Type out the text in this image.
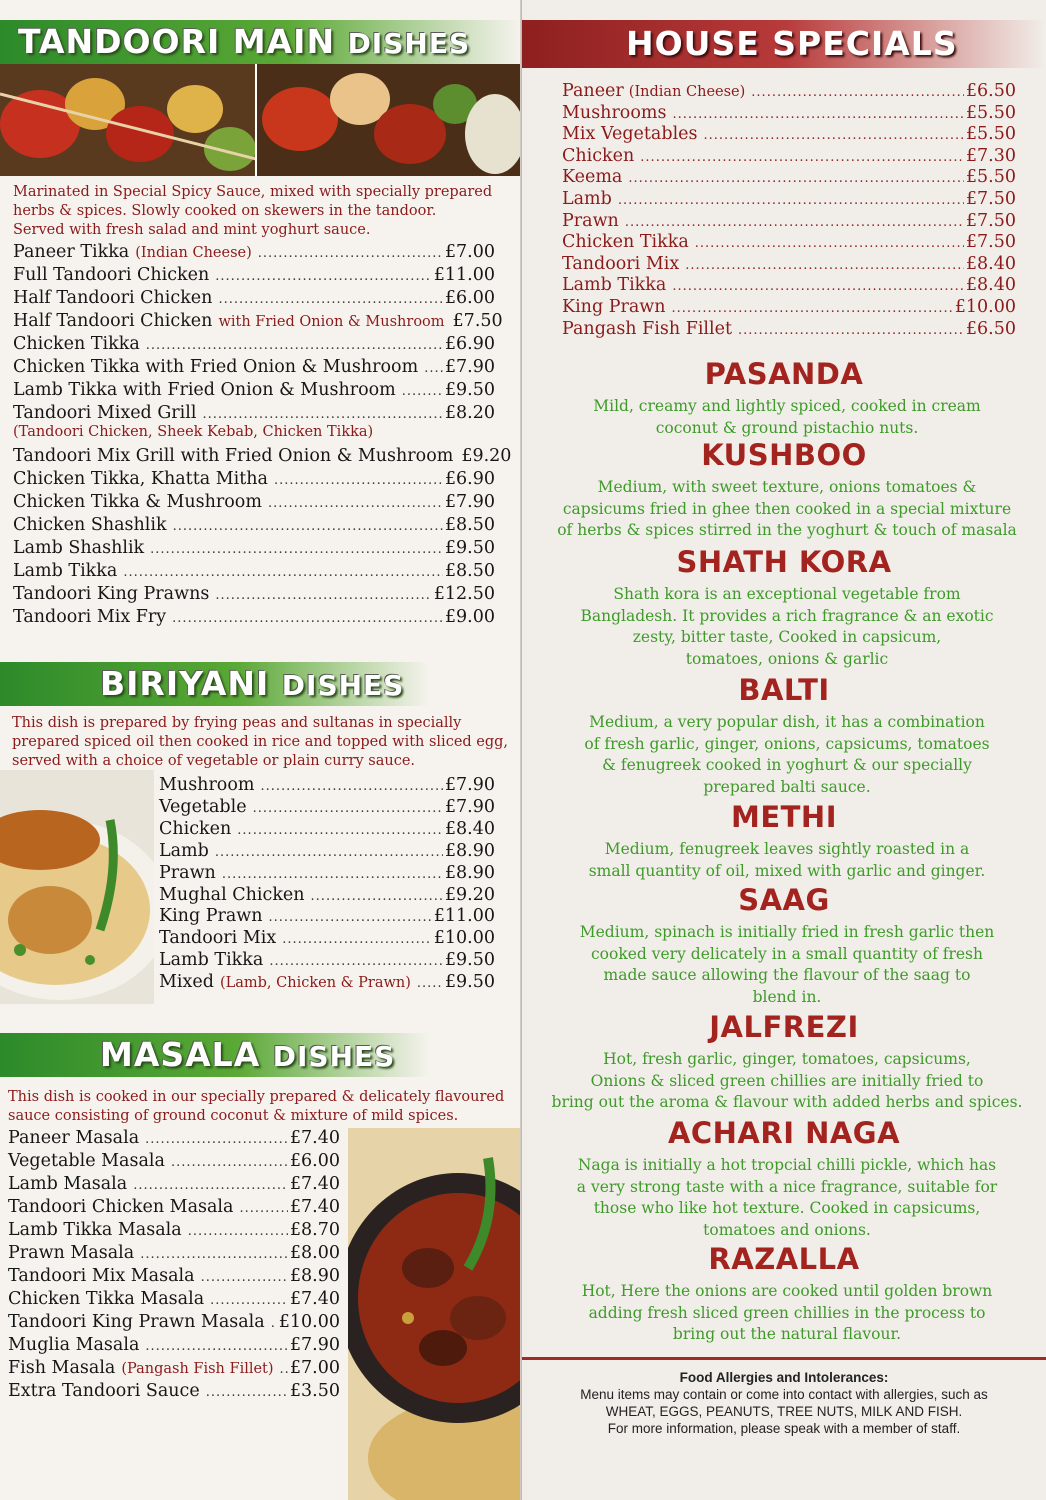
TANDOORI MAIN DISHES
Marinated in Special Spicy Sauce, mixed with specially prepared
herbs & spices. Slowly cooked on skewers in the tandoor.
Served with fresh salad and mint yoghurt sauce.
Paneer Tikka (Indian Cheese) .....	£7.00
Full Tandoori Chicken .....	£11.00
Half Tandoori Chicken .....	£6.00
Half Tandoori Chicken with Fried Onion & Mushroom £7.50
Chicken Tikka .....	£6.90
Chicken Tikka with Fried Onion & Mushroom ..... £7.90
Lamb Tikka with Fried Onion & Mushroom .....	£9.50
Tandoori Mixed Grill .....	£8.20
(Tandoori Chicken, Sheek Kebab, Chicken Tikka)
Tandoori Mix Grill with Fried Onion & Mushroom £9.20
Chicken Tikka, Khatta Mitha .....	£6.90
Chicken Tikka & Mushroom .....	£7.90
Chicken Shashlik .....	£8.50
Lamb Shashlik .....	£9.50
Lamb Tikka .....	£8.50
Tandoori King Prawns .....	£12.50
Tandoori Mix Fry .....	£9.00
BIRIYANI DISHES
This dish is prepared by frying peas and sultanas in specially
prepared spiced oil then cooked in rice and topped with sliced egg,
served with a choice of vegetable or plain curry sauce.
Mushroom .....	£7.90
Vegetable .....	£7.90
Chicken .....	£8.40
Lamb .....	£8.90
Prawn .....	£8.90
Mughal Chicken .....	£9.20
King Prawn .....	£11.00
Tandoori Mix .....	£10.00
Lamb Tikka .....	£9.50
Mixed (Lamb, Chicken & Prawn) ..... £9.50
MASALA DISHES
This dish is cooked in our specially prepared & delicately flavoured
sauce consisting of ground coconut & mixture of mild spices.
Paneer Masala .....	£7.40
Vegetable Masala .....	£6.00
Lamb Masala .....	£7.40
Tandoori Chicken Masala .....	£7.40
Lamb Tikka Masala .....	£8.70
Prawn Masala .....	£8.00
Tandoori Mix Masala .....	£8.90
Chicken Tikka Masala .....	£7.40
Tandoori King Prawn Masala ..... £10.00
Muglia Masala .....	£7.90
Fish Masala (Pangash Fish Fillet) ..... £7.00
Extra Tandoori Sauce .....	£3.50
HOUSE SPECIALS
Paneer (Indian Cheese) .....	£6.50
Mushrooms .....	£5.50
Mix Vegetables .....	£5.50
Chicken .....	£7.30
Keema .....	£5.50
Lamb .....	£7.50
Prawn .....	£7.50
Chicken Tikka .....	£7.50
Tandoori Mix .....	£8.40
Lamb Tikka .....	£8.40
King Prawn .....	£10.00
Pangash Fish Fillet .....	£6.50
PASANDA
Mild, creamy and lightly spiced, cooked in cream
coconut & ground pistachio nuts.
KUSHBOO
Medium, with sweet texture, onions tomatoes &
capsicums fried in ghee then cooked in a special mixture
of herbs & spices stirred in the yoghurt & touch of masala
SHATH KORA
Shath kora is an exceptional vegetable from
Bangladesh. It provides a rich fragrance & an exotic
zesty, bitter taste, Cooked in capsicum,
tomatoes, onions & garlic
BALTI
Medium, a very popular dish, it has a combination
of fresh garlic, ginger, onions, capsicums, tomatoes
& fenugreek cooked in yoghurt & our specially
prepared balti sauce.
METHI
Medium, fenugreek leaves sightly roasted in a
small quantity of oil, mixed with garlic and ginger.
SAAG
Medium, spinach is initially fried in fresh garlic then
cooked very delicately in a small quantity of fresh
made sauce allowing the flavour of the saag to
blend in.
JALFREZI
Hot, fresh garlic, ginger, tomatoes, capsicums,
Onions & sliced green chillies are initially fried to
bring out the aroma & flavour with added herbs and spices.
ACHARI NAGA
Naga is initially a hot tropcial chilli pickle, which has
a very strong taste with a nice fragrance, suitable for
those who like hot texture. Cooked in capsicums,
tomatoes and onions.
RAZALLA
Hot, Here the onions are cooked until golden brown
adding fresh sliced green chillies in the process to
bring out the natural flavour.
Food Allergies and Intolerances:
Menu items may contain or come into contact with allergies, such as
WHEAT, EGGS, PEANUTS, TREE NUTS, MILK AND FISH.
For more information, please speak with a member of staff.
